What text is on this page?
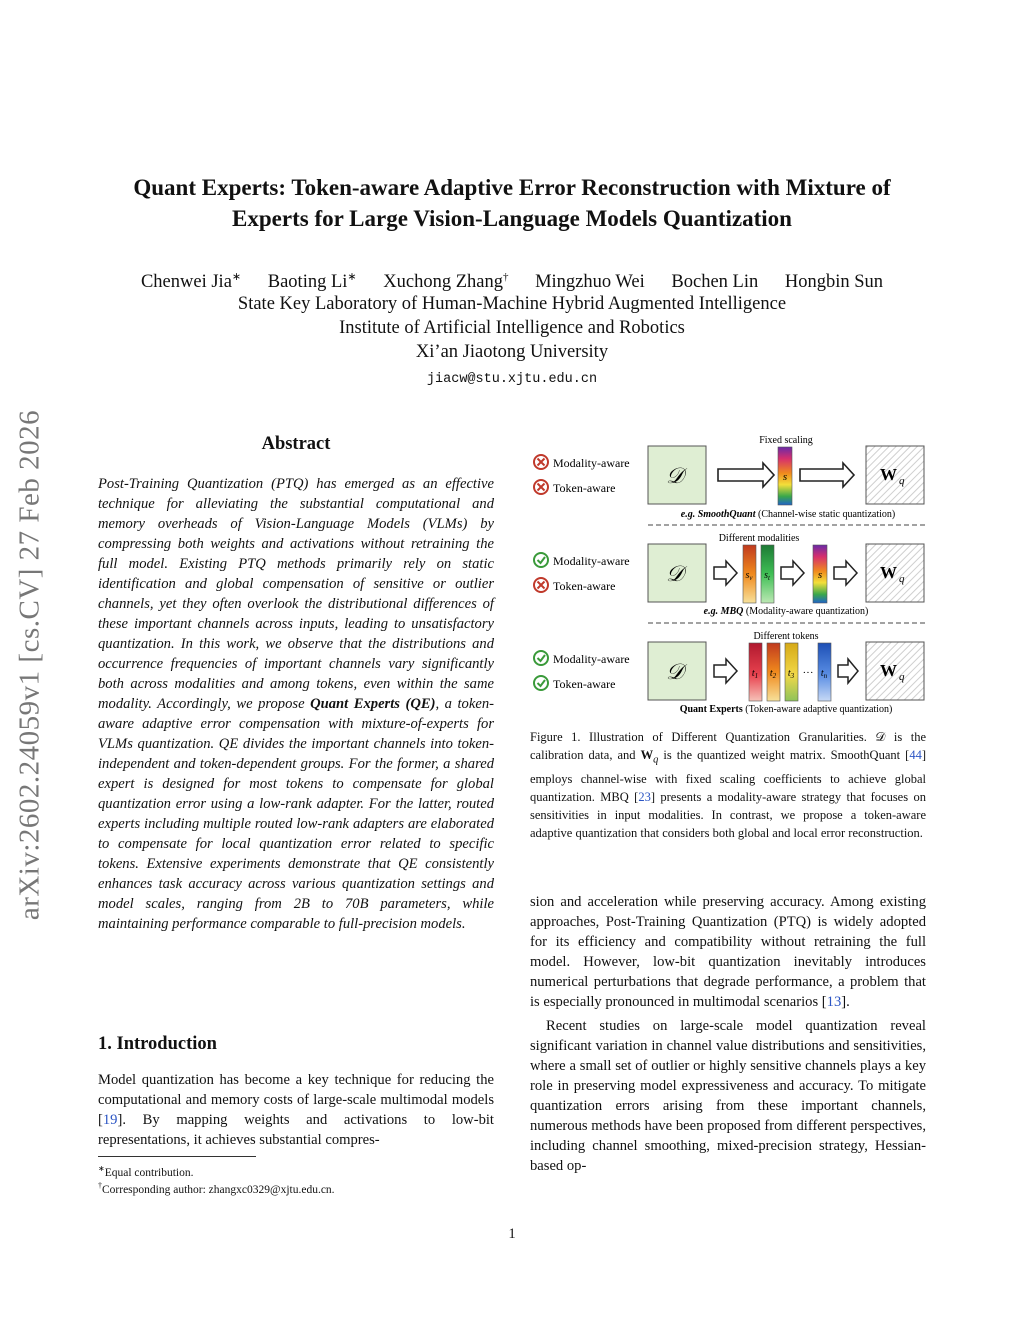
arXiv:2602.24059v1 [cs.CV] 27 Feb 2026
Quant Experts: Token-aware Adaptive Error Reconstruction with Mixture of
Experts for Large Vision-Language Models Quantization
Chenwei Jia∗ Baoting Li∗ Xuchong Zhang† Mingzhuo Wei Bochen Lin Hongbin Sun
State Key Laboratory of Human-Machine Hybrid Augmented Intelligence
Institute of Artificial Intelligence and Robotics
Xi’an Jiaotong University
jiacw@stu.xjtu.edu.cn
Abstract
Post-Training Quantization (PTQ) has emerged as an effective technique for alleviating the substantial computational and memory overheads of Vision-Language Models (VLMs) by compressing both weights and activations without retraining the full model. Existing PTQ methods primarily rely on static identification and global compensation of sensitive or outlier channels, yet they often overlook the distributional differences of these important channels across inputs, leading to unsatisfactory quantization. In this work, we observe that the distributions and occurrence frequencies of important channels vary significantly both across modalities and among tokens, even within the same modality. Accordingly, we propose Quant Experts (QE), a token-aware adaptive error compensation with mixture-of-experts for VLMs quantization. QE divides the important channels into token-independent and token-dependent groups. For the former, a shared expert is designed for most tokens to compensate for global quantization error using a low-rank adapter. For the latter, routed experts including multiple routed low-rank adapters are elaborated to compensate for local quantization error related to specific tokens. Extensive experiments demonstrate that QE consistently enhances task accuracy across various quantization settings and model scales, ranging from 2B to 70B parameters, while maintaining performance comparable to full-precision models.
1. Introduction
Model quantization has become a key technique for reducing the computational and memory costs of large-scale multimodal models [19]. By mapping weights and activations to low-bit representations, it achieves substantial compres-
∗Equal contribution.
†Corresponding author: zhangxc0329@xjtu.edu.cn.
Modality-aware
Token-aware 𝒟
Fixed scaling
s	W $_q$
e.g. SmoothQuant (Channel-wise static quantization)
Modality-aware
Token-aware 𝒟
Different modalities
$s_v$ $s_t$	s	W $_q$
e.g. MBQ (Modality-aware quantization)
Modality-aware
Token-aware 𝒟
Different tokens
$t_1$ $t_2$ $t_3$ ··· $t_n$	W $_q$
Quant Experts (Token-aware adaptive quantization)
Figure 1. Illustration of Different Quantization Granularities. 𝒟 is the calibration data, and $W_q$ is the quantized weight matrix. SmoothQuant [44] employs channel-wise with fixed scaling coefficients to achieve global quantization. MBQ [23] presents a modality-aware strategy that focuses on sensitivities in input modalities. In contrast, we propose a token-aware adaptive quantization that considers both global and local error reconstruction.

sion and acceleration while preserving accuracy. Among existing approaches, Post-Training Quantization (PTQ) is widely adopted for its efficiency and compatibility without retraining the full model. However, low-bit quantization inevitably introduces numerical perturbations that degrade performance, a problem that is especially pronounced in multimodal scenarios [13].

Recent studies on large-scale model quantization reveal significant variation in channel value distributions and sensitivities, where a small set of outlier or highly sensitive channels plays a key role in preserving model expressiveness and accuracy. To mitigate quantization errors arising from these important channels, numerous methods have been proposed from different perspectives, including channel smoothing, mixed-precision strategy, Hessian-based op-

1
